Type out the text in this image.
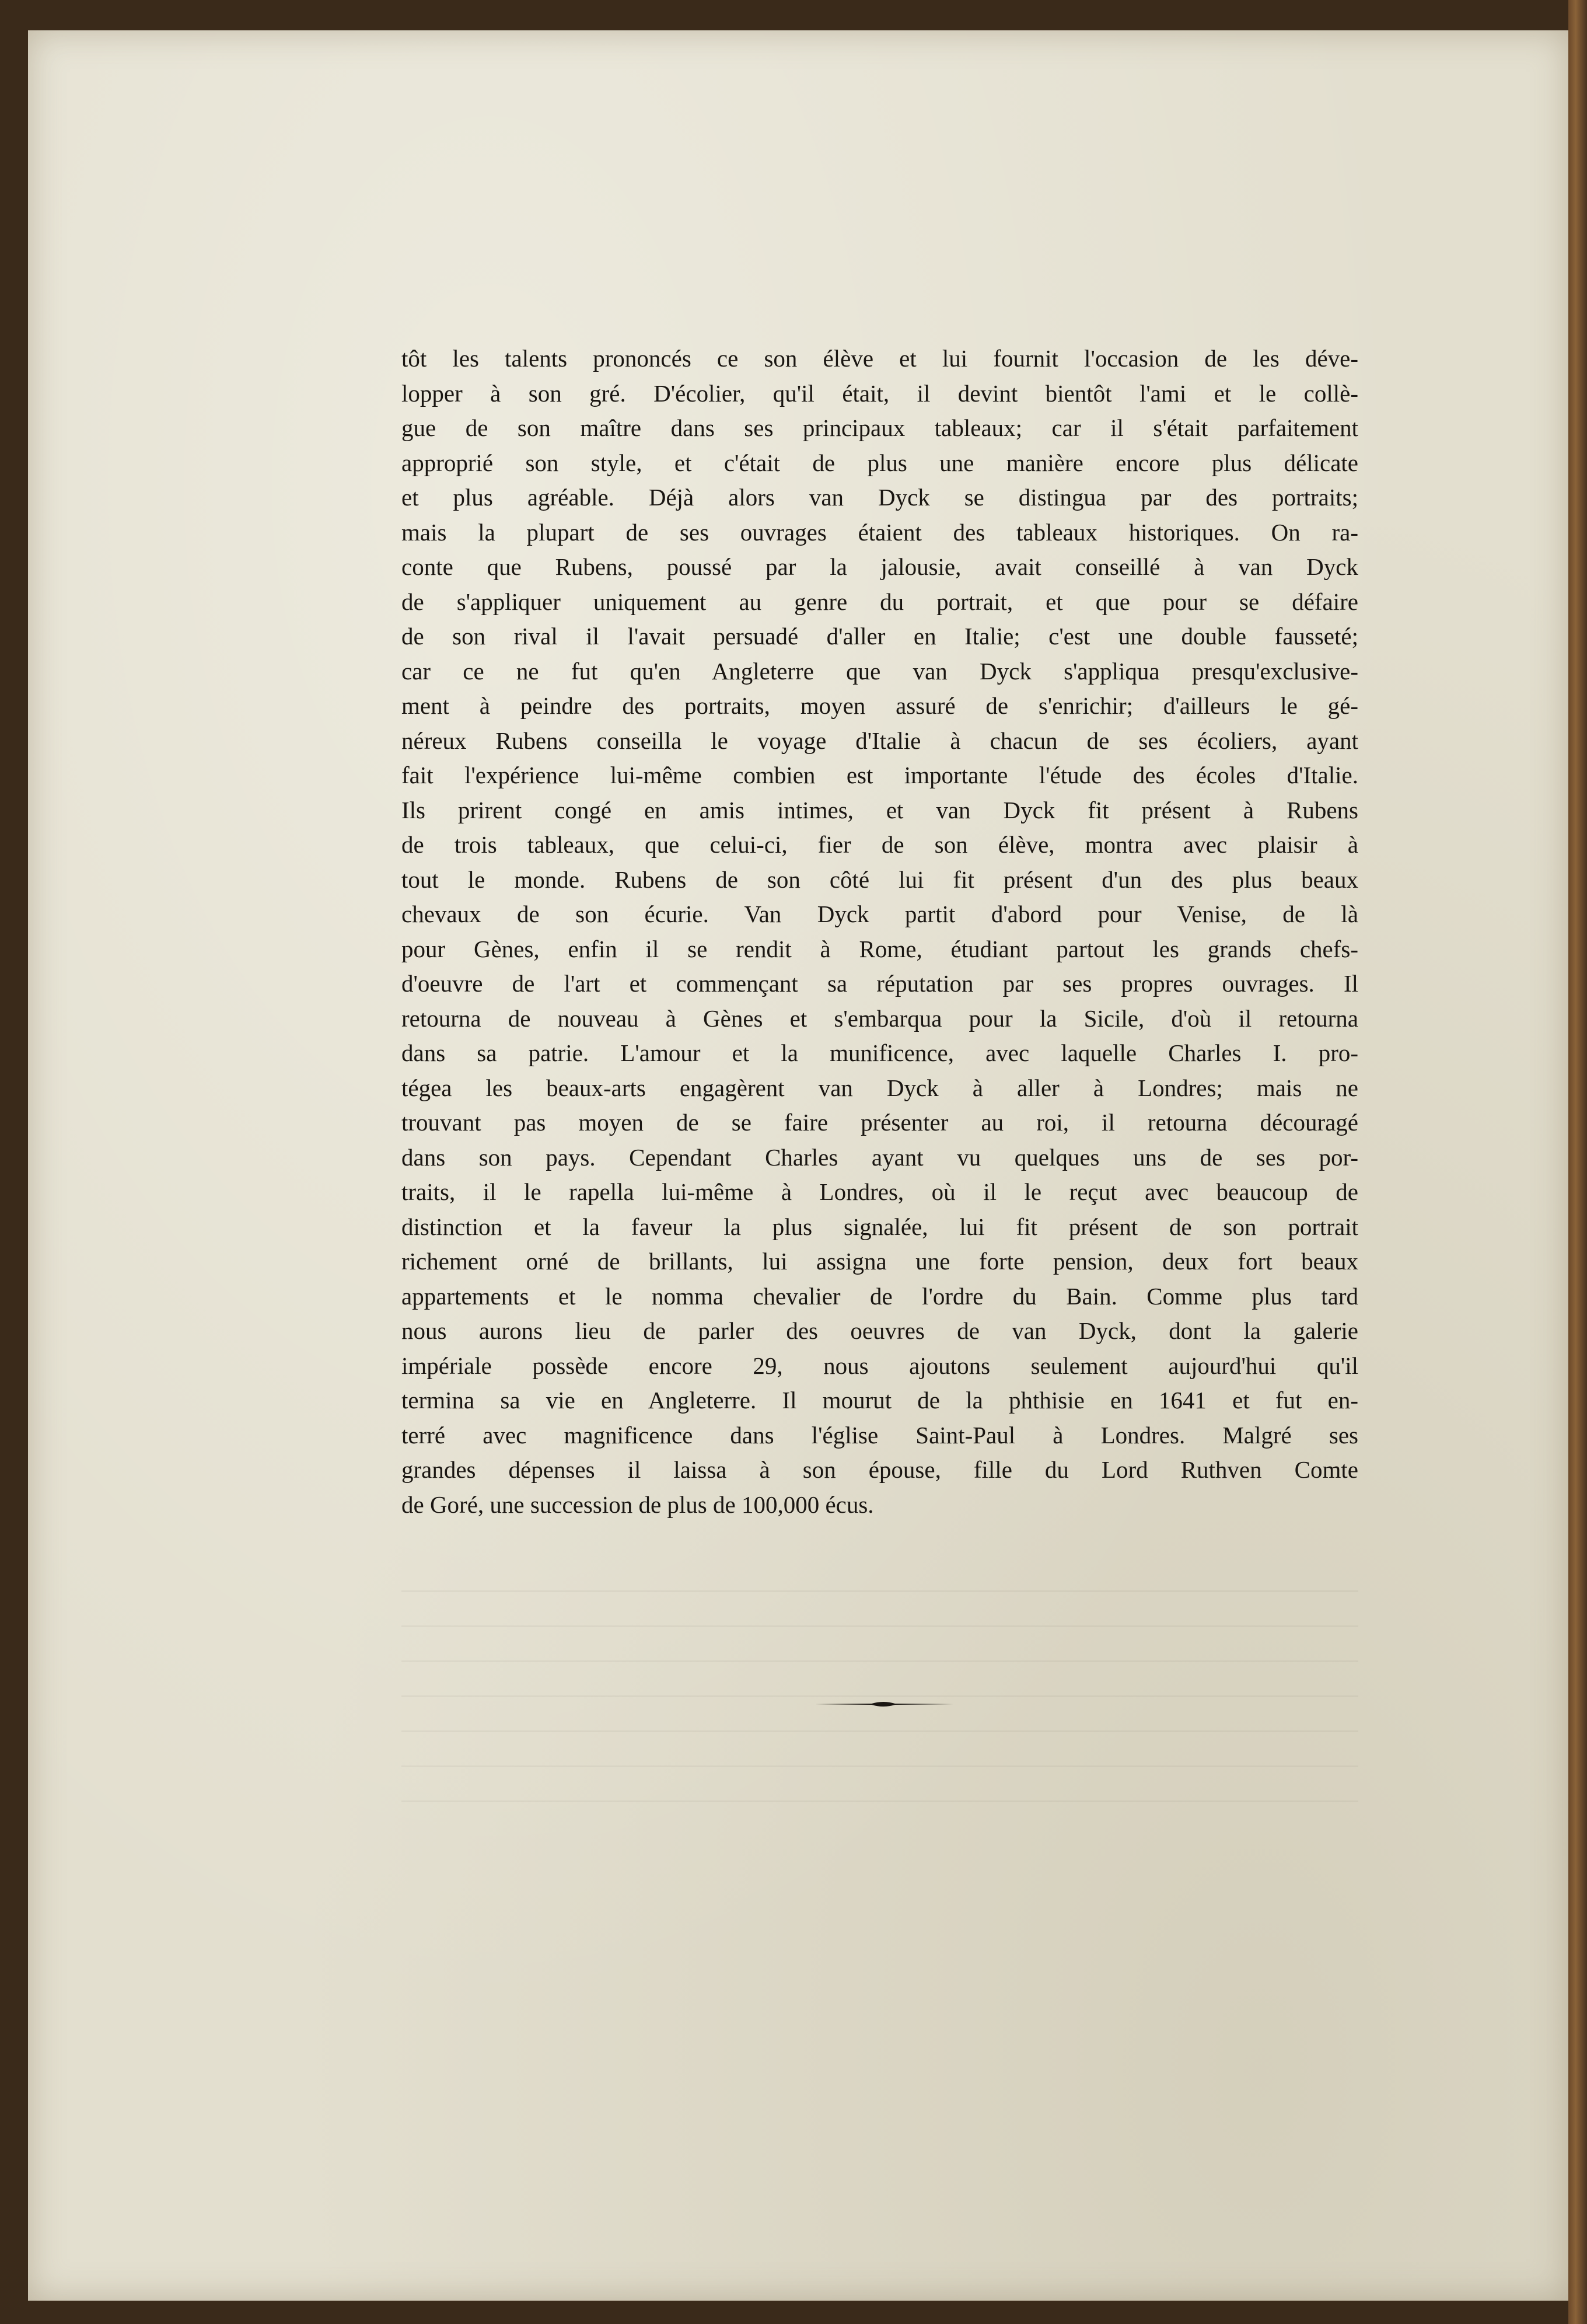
tôt les talents prononcés ce son élève et lui fournit l'occasion de les déve-
lopper à son gré. D'écolier, qu'il était, il devint bientôt l'ami et le collè-
gue de son maître dans ses principaux tableaux; car il s'était parfaitement
approprié son style, et c'était de plus une manière encore plus délicate
et plus agréable. Déjà alors van Dyck se distingua par des portraits;
mais la plupart de ses ouvrages étaient des tableaux historiques. On ra-
conte que Rubens, poussé par la jalousie, avait conseillé à van Dyck
de s'appliquer uniquement au genre du portrait, et que pour se défaire
de son rival il l'avait persuadé d'aller en Italie; c'est une double fausseté;
car ce ne fut qu'en Angleterre que van Dyck s'appliqua presqu'exclusive-
ment à peindre des portraits, moyen assuré de s'enrichir; d'ailleurs le gé-
néreux Rubens conseilla le voyage d'Italie à chacun de ses écoliers, ayant
fait l'expérience lui-même combien est importante l'étude des écoles d'Italie.
Ils prirent congé en amis intimes, et van Dyck fit présent à Rubens
de trois tableaux, que celui-ci, fier de son élève, montra avec plaisir à
tout le monde. Rubens de son côté lui fit présent d'un des plus beaux
chevaux de son écurie. Van Dyck partit d'abord pour Venise, de là
pour Gènes, enfin il se rendit à Rome, étudiant partout les grands chefs-
d'oeuvre de l'art et commençant sa réputation par ses propres ouvrages. Il
retourna de nouveau à Gènes et s'embarqua pour la Sicile, d'où il retourna
dans sa patrie. L'amour et la munificence, avec laquelle Charles I. pro-
tégea les beaux-arts engagèrent van Dyck à aller à Londres; mais ne
trouvant pas moyen de se faire présenter au roi, il retourna découragé
dans son pays. Cependant Charles ayant vu quelques uns de ses por-
traits, il le rapella lui-même à Londres, où il le reçut avec beaucoup de
distinction et la faveur la plus signalée, lui fit présent de son portrait
richement orné de brillants, lui assigna une forte pension, deux fort beaux
appartements et le nomma chevalier de l'ordre du Bain. Comme plus tard
nous aurons lieu de parler des oeuvres de van Dyck, dont la galerie
impériale possède encore 29, nous ajoutons seulement aujourd'hui qu'il
termina sa vie en Angleterre. Il mourut de la phthisie en 1641 et fut en-
terré avec magnificence dans l'église Saint-Paul à Londres. Malgré ses
grandes dépenses il laissa à son épouse, fille du Lord Ruthven Comte
de Goré, une succession de plus de 100,000 écus.
